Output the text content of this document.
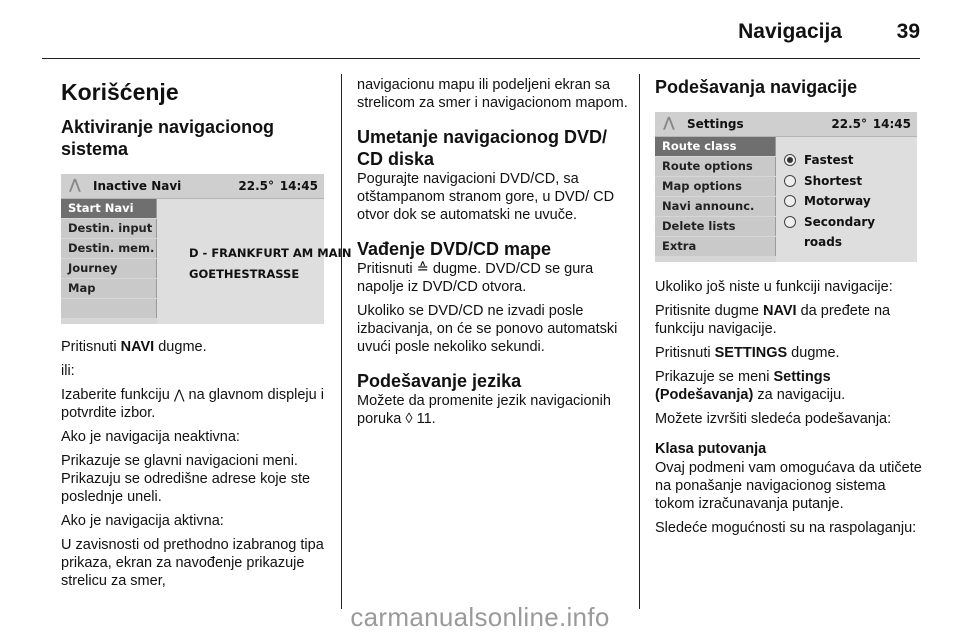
Navigacija	39
Korišćenje
Aktiviranje navigacionog sistema
⋀ Inactive Navi	22.5° 14:45
Start Navi
Destin. input
Destin. mem.
Journey
Map
D - FRANKFURT AM MAIN
GOETHESTRASSE

Pritisnuti NAVI dugme.

ili:

Izaberite funkciju ⋀ na glavnom displeju i potvrdite izbor.

Ako je navigacija neaktivna:

Prikazuje se glavni navigacioni meni. Prikazuju se odredišne adrese koje ste poslednje uneli.

Ako je navigacija aktivna:

U zavisnosti od prethodno izabranog tipa prikaza, ekran za navođenje prikazuje strelicu za smer,

navigacionu mapu ili podeljeni ekran sa strelicom za smer i navigacionom mapom.

Umetanje navigacionog DVD/ CD diska

Pogurajte navigacioni DVD/CD, sa otštampanom stranom gore, u DVD/ CD otvor dok se automatski ne uvuče.

Vađenje DVD/CD mape

Pritisnuti ≙ dugme. DVD/CD se gura napolje iz DVD/CD otvora.

Ukoliko se DVD/CD ne izvadi posle izbacivanja, on će se ponovo automatski uvući posle nekoliko sekundi.

Podešavanje jezika

Možete da promenite jezik navigacionih poruka ◊ 11.

Podešavanja navigacije
⋀ Settings	22.5° 14:45
Route class
Route options
Map options
Navi announc.
Delete lists
Extra
Fastest
Shortest
Motorway
Secondary roads

Ukoliko još niste u funkciji navigacije:

Pritisnite dugme NAVI da pređete na funkciju navigacije.

Pritisnuti SETTINGS dugme.

Prikazuje se meni Settings (Podešavanja) za navigaciju.

Možete izvršiti sledeća podešavanja:

Klasa putovanja

Ovaj podmeni vam omogućava da utičete na ponašanje navigacionog sistema tokom izračunavanja putanje.

Sledeće mogućnosti su na raspolaganju:

carmanualsonline.info
